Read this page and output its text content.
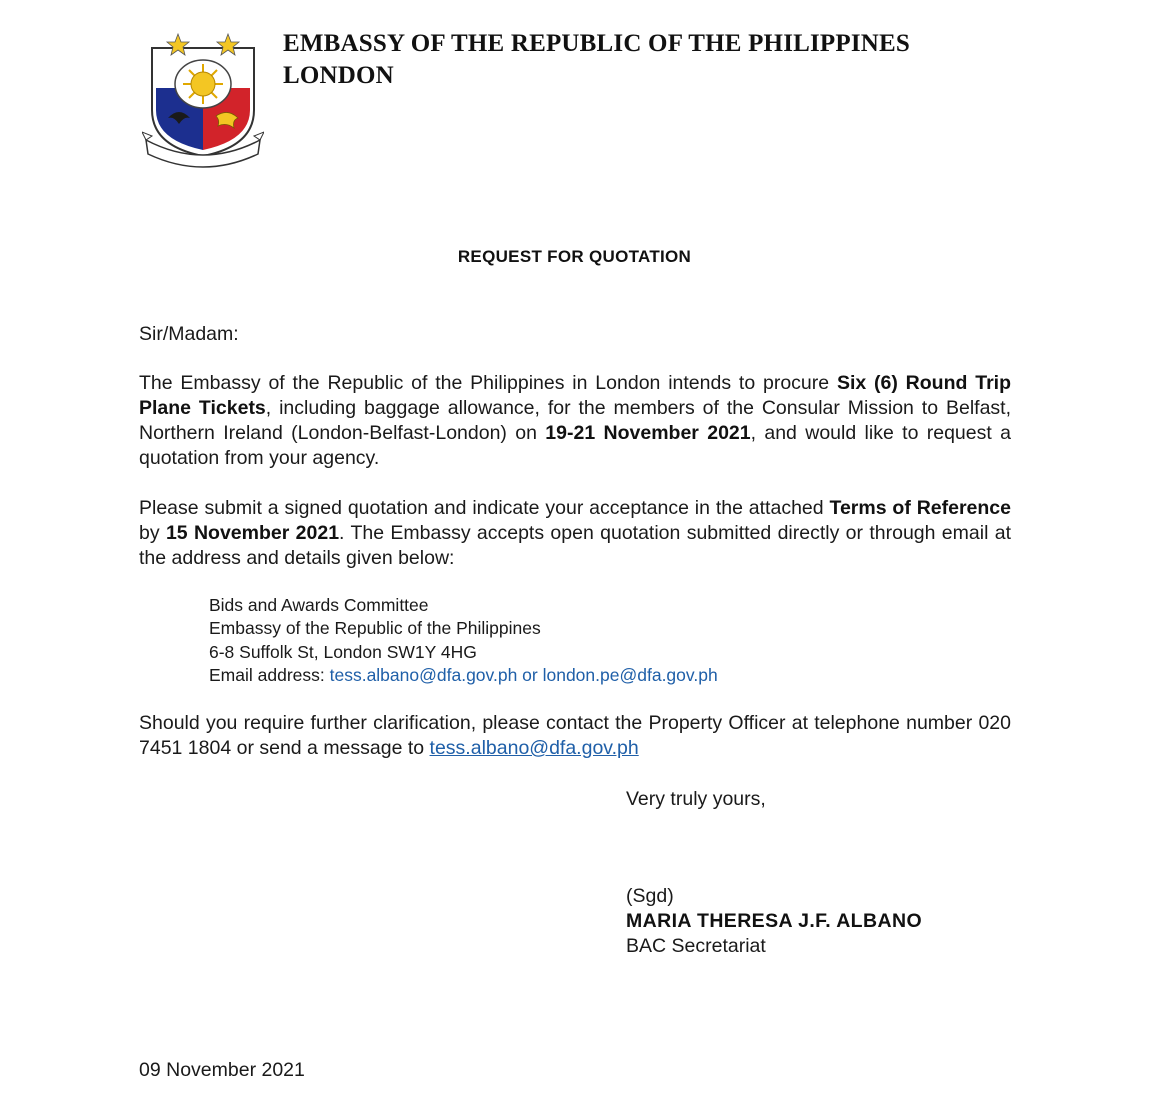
EMBASSY OF THE REPUBLIC OF THE PHILIPPINES
LONDON
REQUEST FOR QUOTATION

Sir/Madam:

The Embassy of the Republic of the Philippines in London intends to procure Six (6) Round Trip Plane Tickets, including baggage allowance, for the members of the Consular Mission to Belfast, Northern Ireland (London-Belfast-London) on 19-21 November 2021, and would like to request a quotation from your agency.

Please submit a signed quotation and indicate your acceptance in the attached Terms of Reference by 15 November 2021. The Embassy accepts open quotation submitted directly or through email at the address and details given below:

Bids and Awards Committee
Embassy of the Republic of the Philippines
6-8 Suffolk St, London SW1Y 4HG
Email address: tess.albano@dfa.gov.ph or london.pe@dfa.gov.ph

Should you require further clarification, please contact the Property Officer at telephone number 020 7451 1804 or send a message to tess.albano@dfa.gov.ph

Very truly yours,

(Sgd)
MARIA THERESA J.F. ALBANO
BAC Secretariat

09 November 2021
